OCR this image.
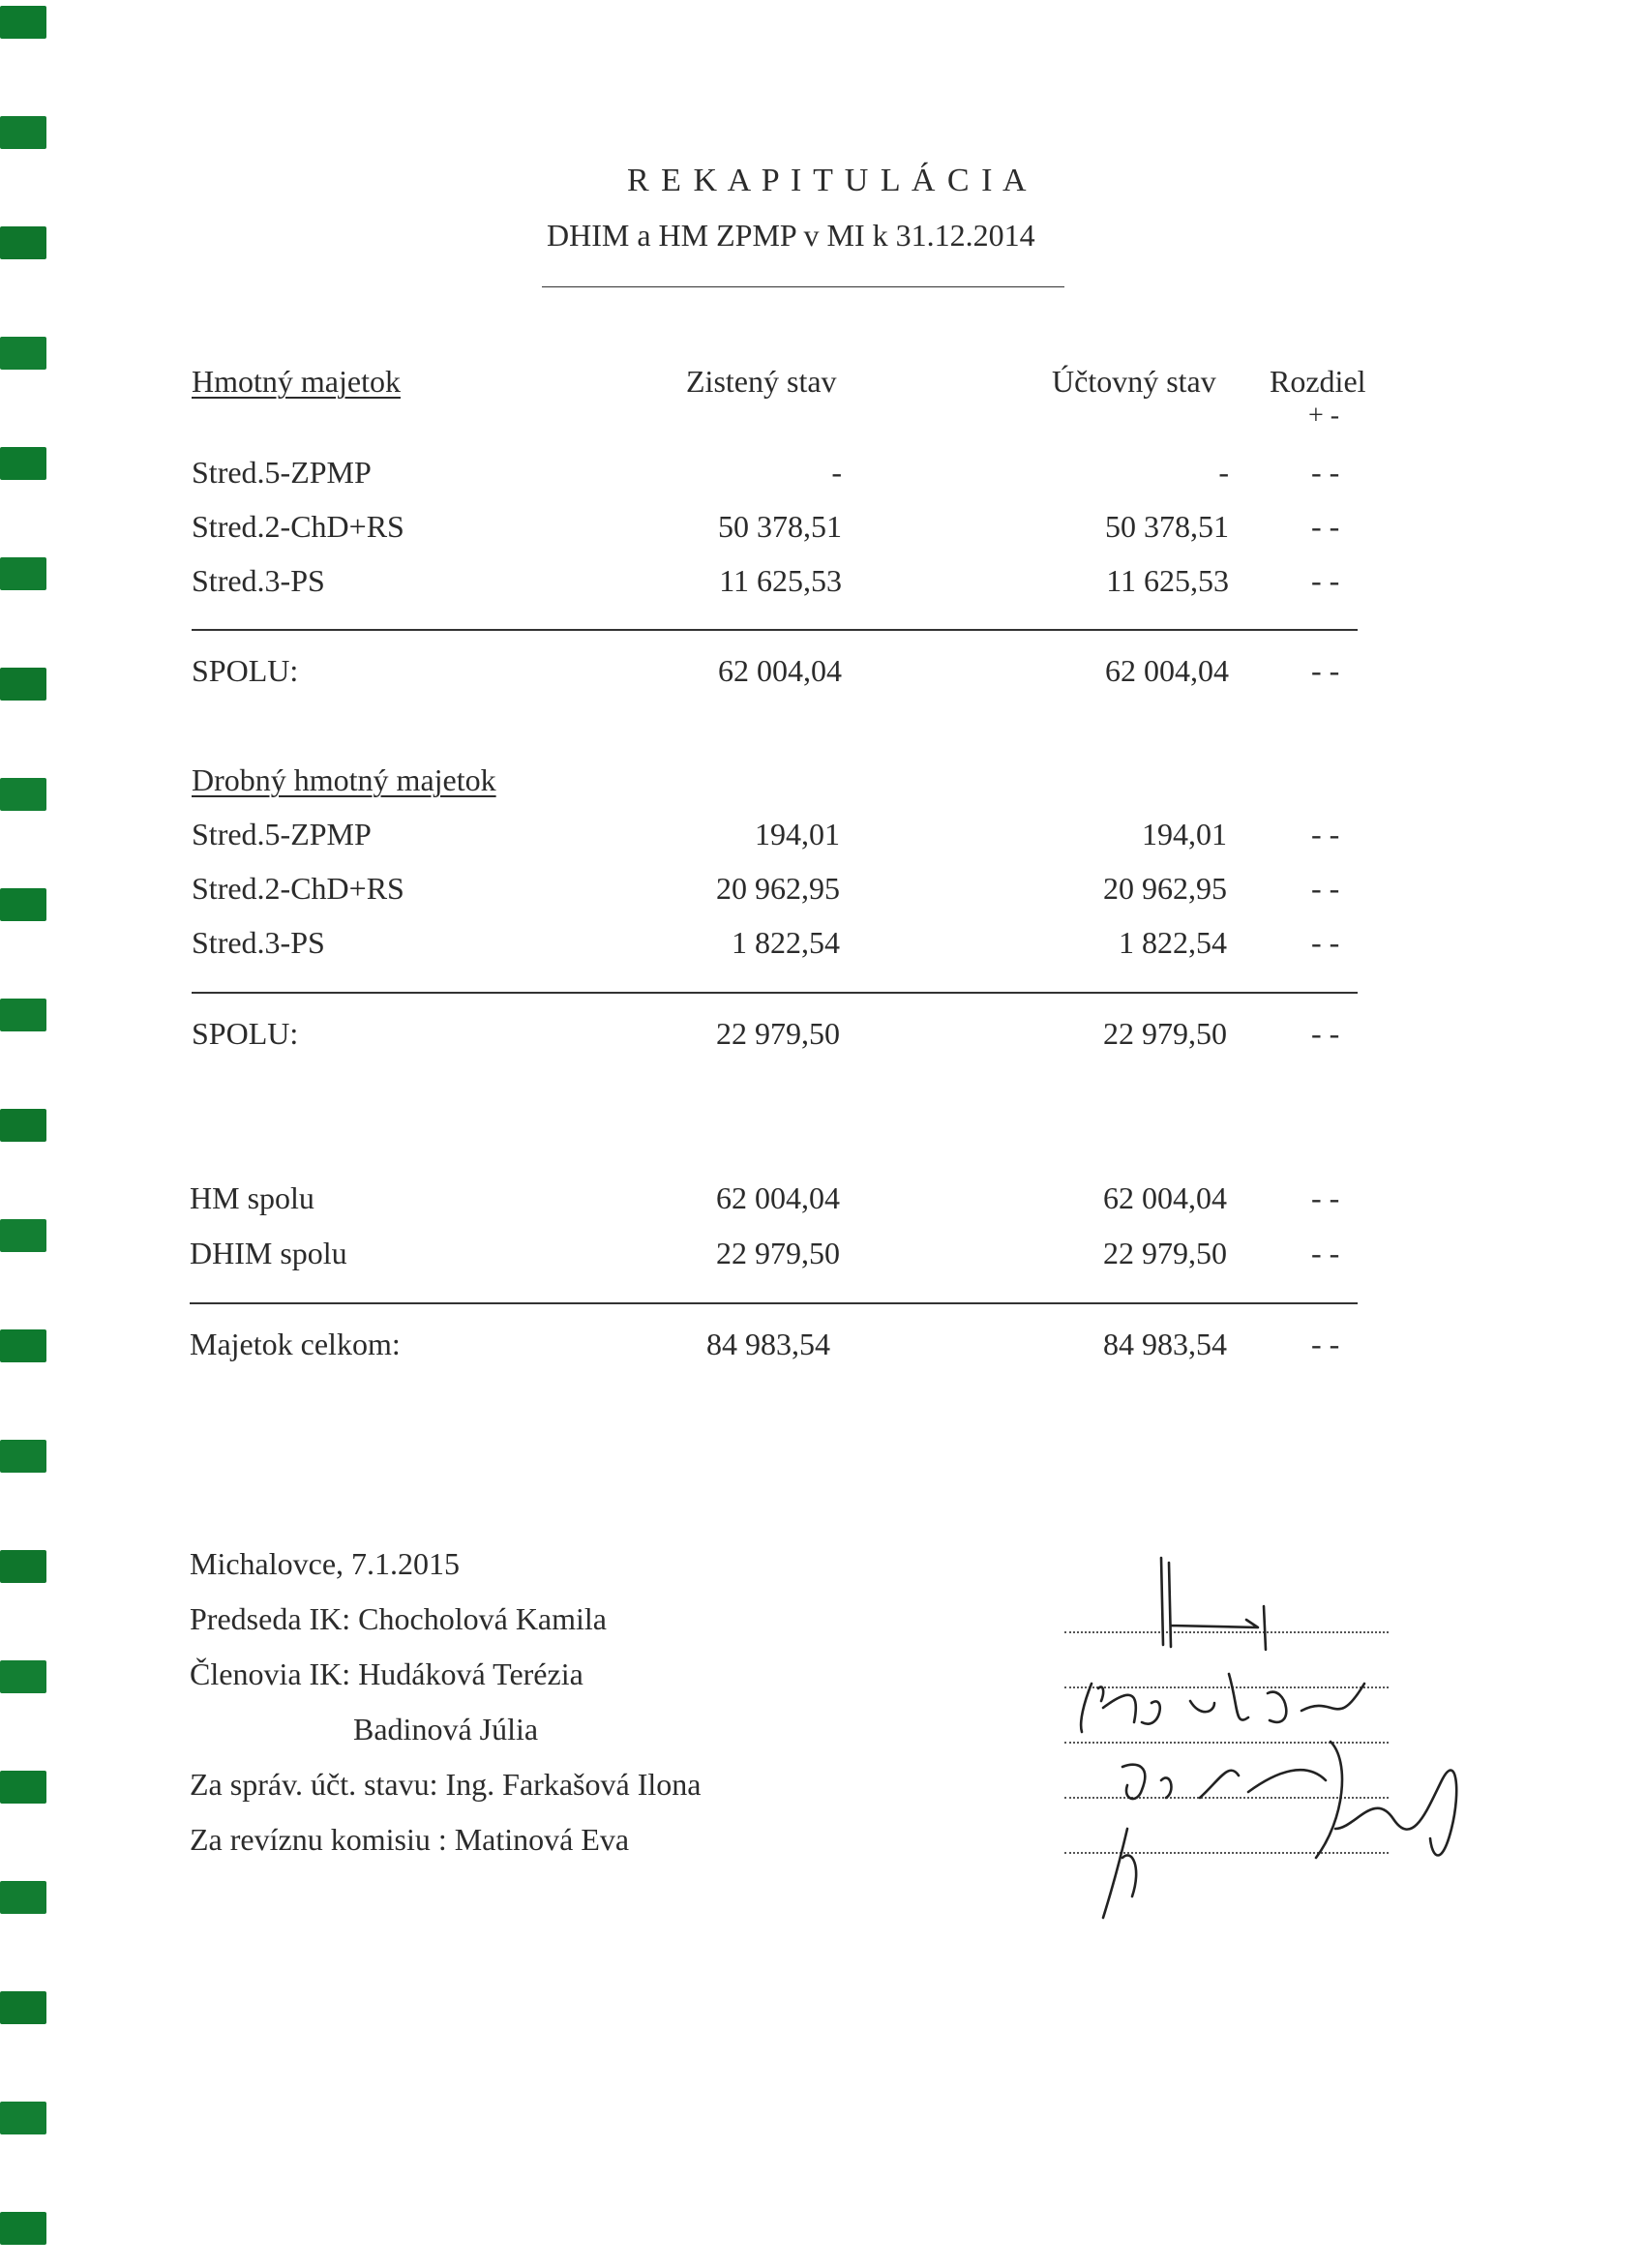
R E K A P I T U L Á C I A
DHIM a HM ZPMP v MI k 31.12.2014
Hmotný majetok	Zistený stav	Účtovný stav Rozdiel
+ -
Stred.5-ZPMP	-	-	- -
Stred.2-ChD+RS	50 378,51	50 378,51	- -
Stred.3-PS	11 625,53	11 625,53	- -
SPOLU:	62 004,04	62 004,04	- -
Drobný hmotný majetok
Stred.5-ZPMP	194,01	194,01	- -
Stred.2-ChD+RS	20 962,95	20 962,95	- -
Stred.3-PS	1 822,54	1 822,54	- -
SPOLU:	22 979,50	22 979,50	- -
HM spolu	62 004,04	62 004,04	- -
DHIM spolu	22 979,50	22 979,50	- -
Majetok celkom:	84 983,54	84 983,54	- -
Michalovce, 7.1.2015
Predseda IK: Chocholová Kamila
Členovia IK: Hudáková Terézia
Badinová Júlia
Za správ. účt. stavu: Ing. Farkašová Ilona
Za revíznu komisiu : Matinová Eva
